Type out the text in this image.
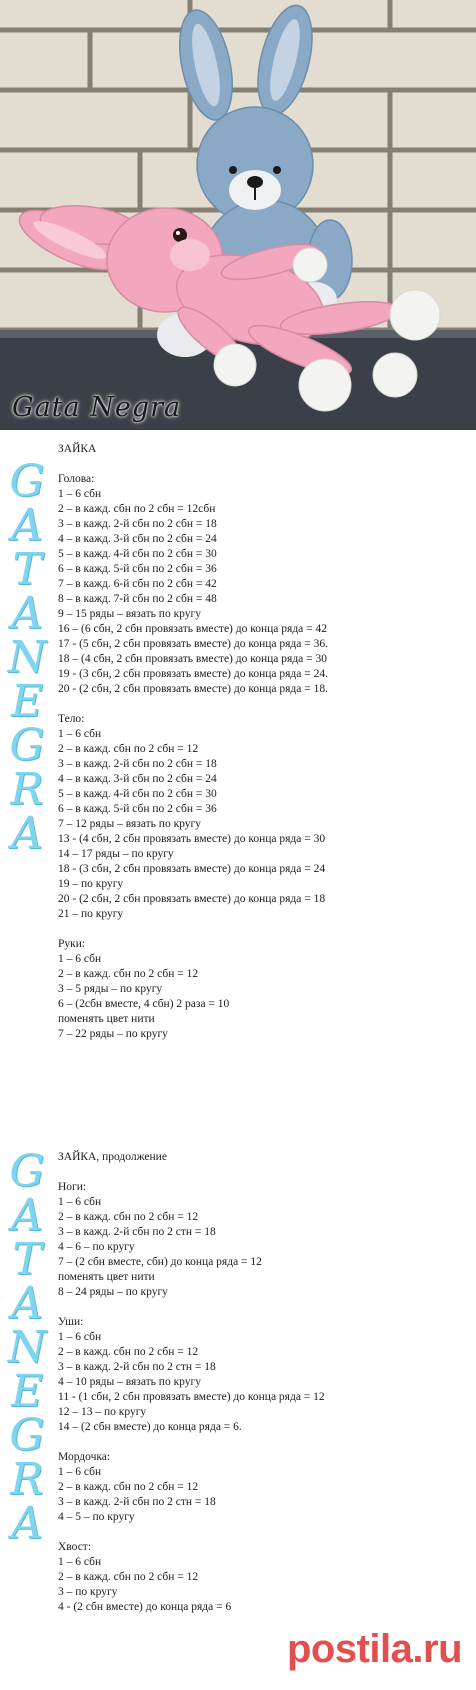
Gata Negra
G
A
T
A
N
E
G
R
A
ЗАЙКА
Голова:
1 – 6 сбн
2 – в кажд. сбн по 2 сбн = 12сбн
3 – в кажд. 2-й сбн по 2 сбн = 18
4 – в кажд. 3-й сбн по 2 сбн = 24
5 – в кажд. 4-й сбн по 2 сбн = 30
6 – в кажд. 5-й сбн по 2 сбн = 36
7 – в кажд. 6-й сбн по 2 сбн = 42
8 – в кажд. 7-й сбн по 2 сбн = 48
9 – 15 ряды – вязать по кругу
16 – (6 сбн, 2 сбн провязать вместе) до конца ряда = 42
17 - (5 сбн, 2 сбн провязать вместе) до конца ряда = 36.
18 – (4 сбн, 2 сбн провязать вместе) до конца ряда = 30
19 - (3 сбн, 2 сбн провязать вместе) до конца ряда = 24.
20 - (2 сбн, 2 сбн провязать вместе) до конца ряда = 18.
Тело:
1 – 6 сбн
2 – в кажд. сбн по 2 сбн = 12
3 – в кажд. 2-й сбн по 2 сбн = 18
4 – в кажд. 3-й сбн по 2 сбн = 24
5 – в кажд. 4-й сбн по 2 сбн = 30
6 – в кажд. 5-й сбн по 2 сбн = 36
7 – 12 ряды – вязать по кругу
13 - (4 сбн, 2 сбн провязать вместе) до конца ряда = 30
14 – 17 ряды – по кругу
18 - (3 сбн, 2 сбн провязать вместе) до конца ряда = 24
19 – по кругу
20 - (2 сбн, 2 сбн провязать вместе) до конца ряда = 18
21 – по кругу
Руки:
1 – 6 сбн
2 – в кажд. сбн по 2 сбн = 12
3 – 5 ряды – по кругу
6 – (2сбн вместе, 4 сбн) 2 раза = 10
поменять цвет нити
7 – 22 ряды – по кругу
G
A
T
A
N
E
G
R
A
ЗАЙКА, продолжение
Ноги:
1 – 6 сбн
2 – в кажд. сбн по 2 сбн = 12
3 – в кажд. 2-й сбн по 2 стн = 18
4 – 6 – по кругу
7 – (2 сбн вместе, сбн) до конца ряда = 12
поменять цвет нити
8 – 24 ряды – по кругу
Уши:
1 – 6 сбн
2 – в кажд. сбн по 2 сбн = 12
3 – в кажд. 2-й сбн по 2 стн = 18
4 – 10 ряды – вязать по кругу
11 - (1 сбн, 2 сбн провязать вместе) до конца ряда = 12
12 – 13 – по кругу
14 – (2 сбн вместе) до конца ряда = 6.
Мордочка:
1 – 6 сбн
2 – в кажд. сбн по 2 сбн = 12
3 – в кажд. 2-й сбн по 2 стн = 18
4 – 5 – по кругу
Хвост:
1 – 6 сбн
2 – в кажд. сбн по 2 сбн = 12
3 – по кругу
4 - (2 сбн вместе) до конца ряда = 6
postila.ru
